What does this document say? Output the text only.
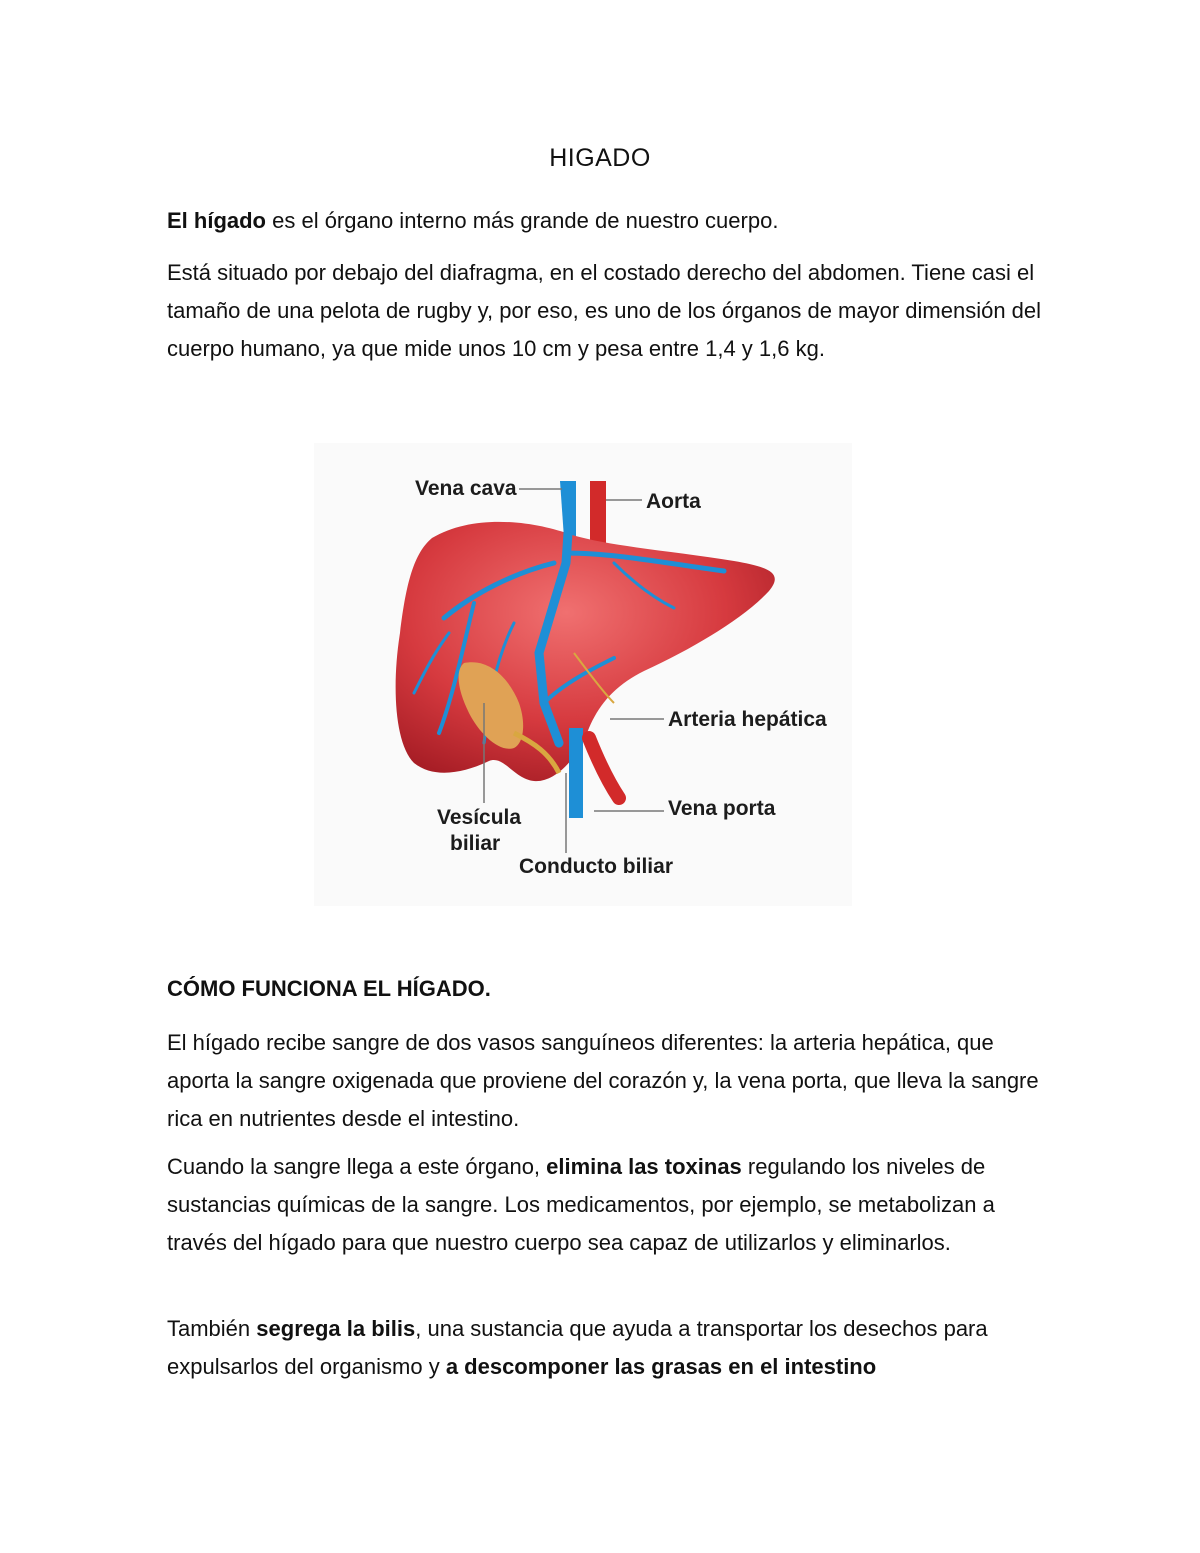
HIGADO

El hígado es el órgano interno más grande de nuestro cuerpo.

Está situado por debajo del diafragma, en el costado derecho del abdomen. Tiene casi el tamaño de una pelota de rugby y, por eso, es uno de los órganos de mayor dimensión del cuerpo humano, ya que mide unos 10 cm y pesa entre 1,4 y 1,6 kg.

Vena cava
Aorta
Arteria hepática
Vena porta
Vesícula
biliar
Conducto biliar
CÓMO FUNCIONA EL HÍGADO.

El hígado recibe sangre de dos vasos sanguíneos diferentes: la arteria hepática, que aporta la sangre oxigenada que proviene del corazón y, la vena porta, que lleva la sangre rica en nutrientes desde el intestino.

Cuando la sangre llega a este órgano, elimina las toxinas regulando los niveles de sustancias químicas de la sangre. Los medicamentos, por ejemplo, se metabolizan a través del hígado para que nuestro cuerpo sea capaz de utilizarlos y eliminarlos.

También segrega la bilis, una sustancia que ayuda a transportar los desechos para expulsarlos del organismo y a descomponer las grasas en el intestino
